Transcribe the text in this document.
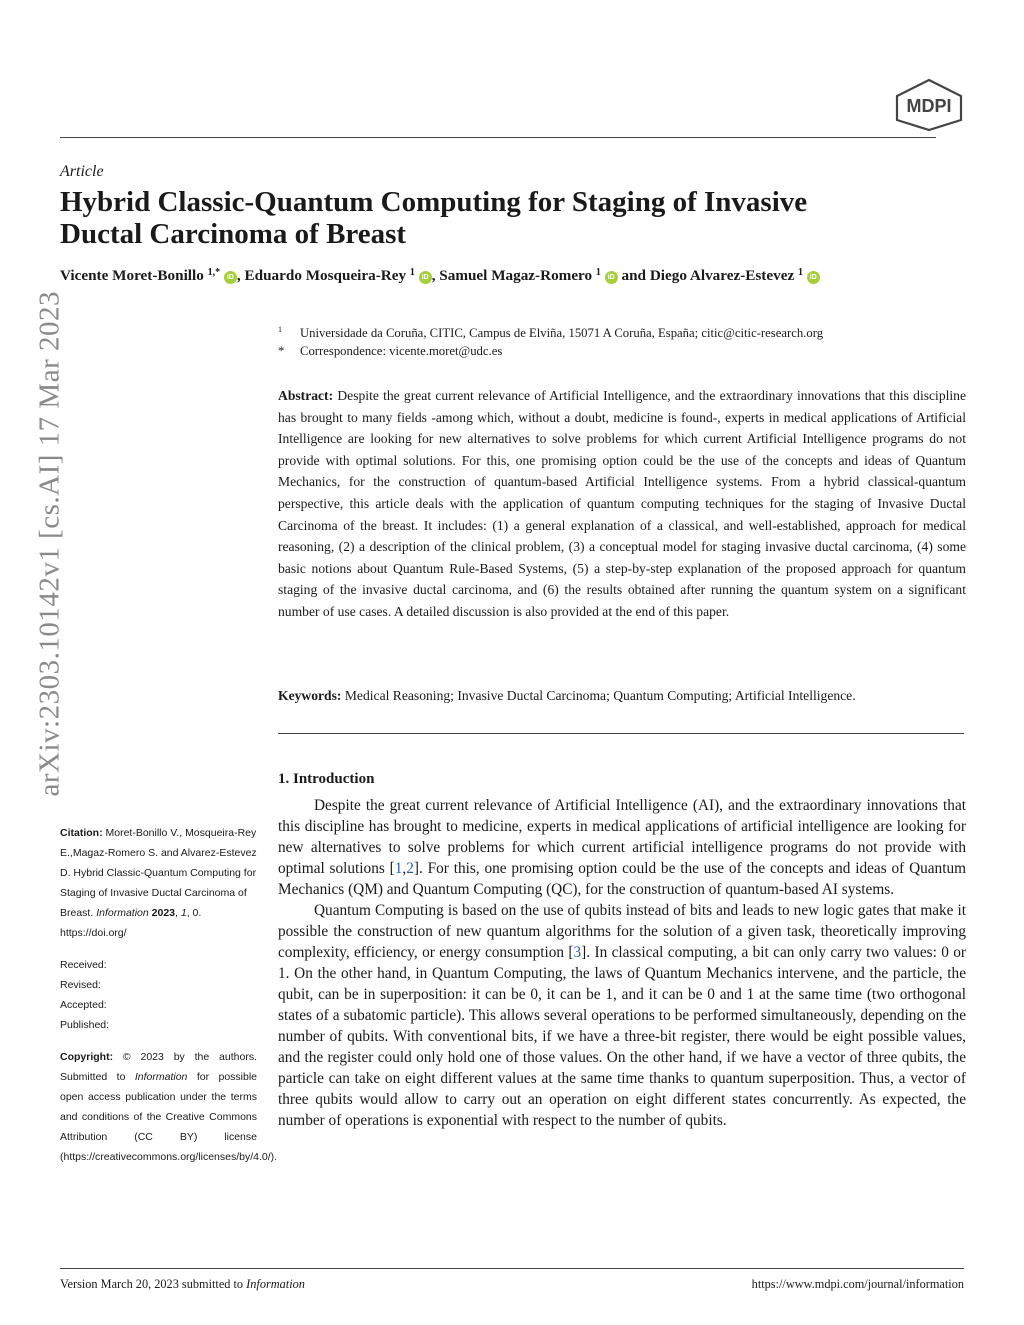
MDPI
Article
Hybrid Classic-Quantum Computing for Staging of Invasive
Ductal Carcinoma of Breast
Vicente Moret-Bonillo $^{1,*}$ iD , Eduardo Mosqueira-Rey $^1$ iD , Samuel Magaz-Romero $^1$ iD and Diego Alvarez-Estevez $^1$ iD
arXiv:2303.10142v1 [cs.AI] 17 Mar 2023	$^1$ Universidade da Coruña, CITIC, Campus de Elviña, 15071 A Coruña, España; citic@citic-research.org
* Correspondence: vicente.moret@udc.es
Abstract: Despite the great current relevance of Artificial Intelligence, and the extraordinary innovations that this discipline has brought to many fields -among which, without a doubt, medicine is found-, experts in medical applications of Artificial Intelligence are looking for new alternatives to solve problems for which current Artificial Intelligence programs do not provide with optimal solutions. For this, one promising option could be the use of the concepts and ideas of Quantum Mechanics, for the construction of quantum-based Artificial Intelligence systems. From a hybrid classical-quantum perspective, this article deals with the application of quantum computing techniques for the staging of Invasive Ductal Carcinoma of the breast. It includes: (1) a general explanation of a classical, and well-established, approach for medical reasoning, (2) a description of the clinical problem, (3) a conceptual model for staging invasive ductal carcinoma, (4) some basic notions about Quantum Rule-Based Systems, (5) a step-by-step explanation of the proposed approach for quantum staging of the invasive ductal carcinoma, and (6) the results obtained after running the quantum system on a significant number of use cases. A detailed discussion is also provided at the end of this paper.
Keywords: Medical Reasoning; Invasive Ductal Carcinoma; Quantum Computing; Artificial Intelligence.
1. Introduction

Despite the great current relevance of Artificial Intelligence (AI), and the extraordinary innovations that this discipline has brought to medicine, experts in medical applications of artificial intelligence are looking for new alternatives to solve problems for which current artificial intelligence programs do not provide with optimal solutions [1,2]. For this, one promising option could be the use of the concepts and ideas of Quantum Mechanics (QM) and Quantum Computing (QC), for the construction of quantum-based AI systems.

Quantum Computing is based on the use of qubits instead of bits and leads to new logic gates that make it possible the construction of new quantum algorithms for the solution of a given task, theoretically improving complexity, efficiency, or energy consumption [3]. In classical computing, a bit can only carry two values: 0 or 1. On the other hand, in Quantum Computing, the laws of Quantum Mechanics intervene, and the particle, the qubit, can be in superposition: it can be 0, it can be 1, and it can be 0 and 1 at the same time (two orthogonal states of a subatomic particle). This allows several operations to be performed simultaneously, depending on the number of qubits. With conventional bits, if we have a three-bit register, there would be eight possible values, and the register could only hold one of those values. On the other hand, if we have a vector of three qubits, the particle can take on eight different values at the same time thanks to quantum superposition. Thus, a vector of three qubits would allow to carry out an operation on eight different states concurrently. As expected, the number of operations is exponential with respect to the number of qubits.

Citation: Moret-Bonillo V., Mosqueira-Rey E.,Magaz-Romero S. and Alvarez-Estevez D. Hybrid Classic-Quantum Computing for Staging of Invasive Ductal Carcinoma of Breast. Information 2023, 1, 0.
https://doi.org/
Received:
Revised:
Accepted:
Published:
Copyright: © 2023 by the authors. Submitted to Information for possible open access publication under the terms and conditions of the Creative Commons Attribution (CC BY) license (https://creativecommons.org/licenses/by/4.0/).
Version March 20, 2023 submitted to Information	https://www.mdpi.com/journal/information
